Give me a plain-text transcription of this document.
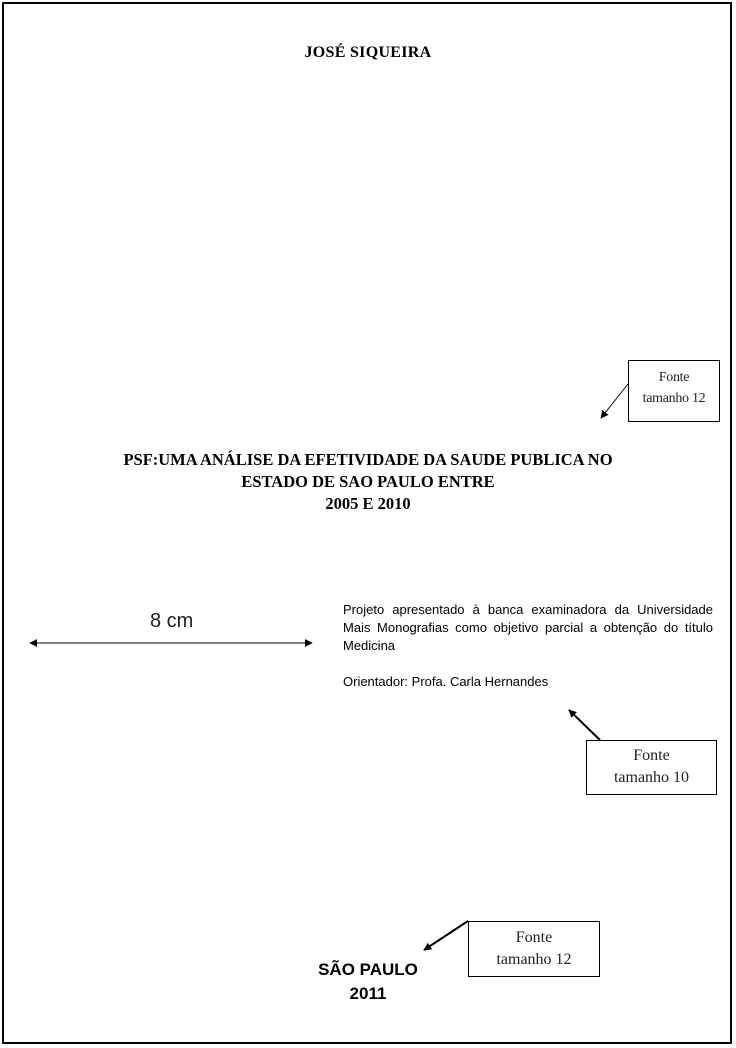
JOSÉ SIQUEIRA
PSF:UMA ANÁLISE DA EFETIVIDADE DA SAUDE PUBLICA NO
ESTADO DE SAO PAULO ENTRE
2005 E 2010
Fonte
tamanho 12
8 cm

Projeto apresentado à banca examinadora da Universidade Mais Monografias como objetivo parcial a obtenção do título Medicina

Orientador: Profa. Carla Hernandes

Fonte
tamanho 10
Fonte
tamanho 12
SÃO PAULO
2011
